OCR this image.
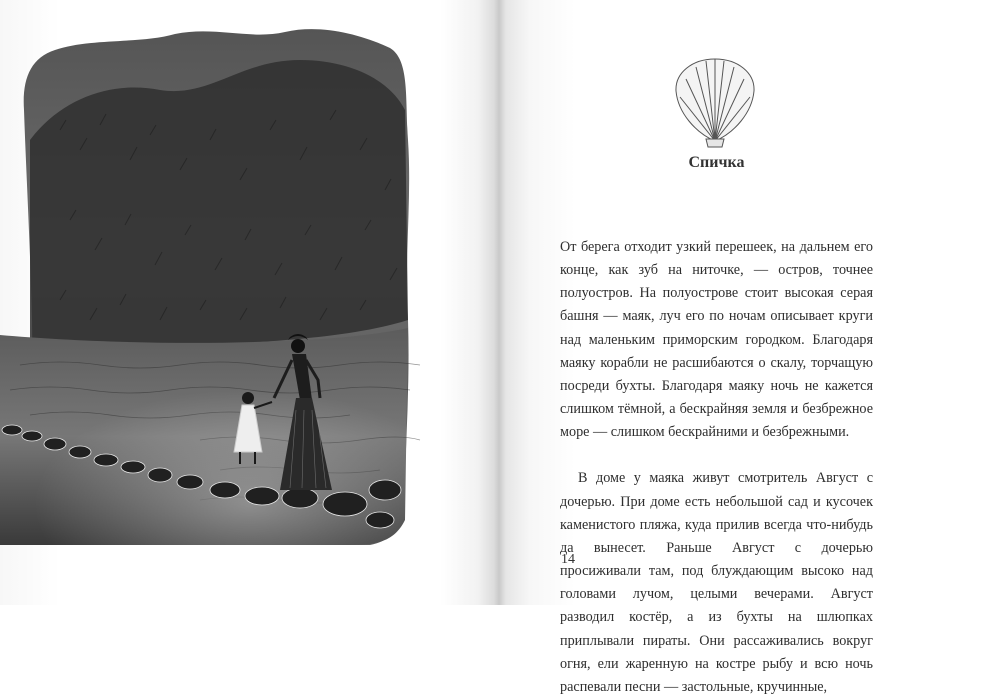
Спичка

От берега отходит узкий перешеек, на дальнем его конце, как зуб на ниточке, — остров, точнее полуостров. На полуострове стоит высокая серая башня — маяк, луч его по ночам описывает круги над маленьким приморским городком. Благодаря маяку корабли не расшибаются о скалу, торчащую посреди бухты. Благодаря маяку ночь не кажется слишком тёмной, а бескрайняя земля и безбрежное море — слишком бескрайними и безбрежными.

В доме у маяка живут смотритель Август с дочерью. При доме есть небольшой сад и кусочек каменистого пляжа, куда прилив всегда что-нибудь да вынесет. Раньше Август с дочерью просиживали там, под блуждающим высоко над головами лучом, целыми вечерами. Август разводил костёр, а из бухты на шлюпках приплывали пираты. Они рассаживались вокруг огня, ели жаренную на костре рыбу и всю ночь распевали песни — застольные, кручинные,

14
